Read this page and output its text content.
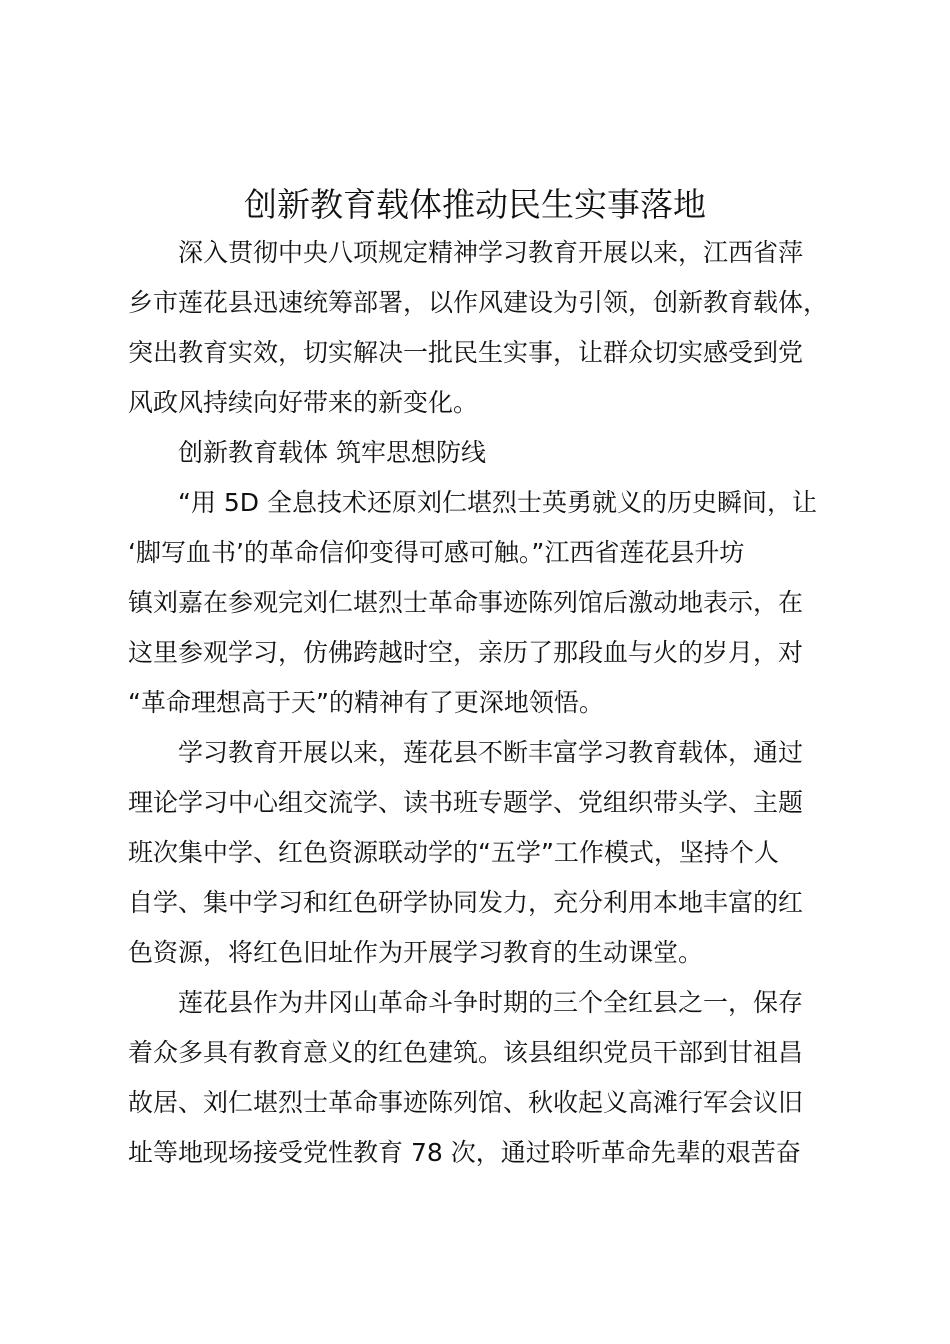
创新教育载体推动民生实事落地
深入贯彻中央八项规定精神学习教育开展以来，江西省萍
乡市莲花县迅速统筹部署，以作风建设为引领，创新教育载体，
突出教育实效，切实解决一批民生实事，让群众切实感受到党
风政风持续向好带来的新变化。
创新教育载体 筑牢思想防线
“用 5D 全息技术还原刘仁堪烈士英勇就义的历史瞬间，让
‘脚写血书’的革命信仰变得可感可触。”江西省莲花县升坊
镇刘嘉在参观完刘仁堪烈士革命事迹陈列馆后激动地表示，在
这里参观学习，仿佛跨越时空，亲历了那段血与火的岁月，对
“革命理想高于天”的精神有了更深地领悟。
学习教育开展以来，莲花县不断丰富学习教育载体，通过
理论学习中心组交流学、读书班专题学、党组织带头学、主题
班次集中学、红色资源联动学的“五学”工作模式，坚持个人
自学、集中学习和红色研学协同发力，充分利用本地丰富的红
色资源，将红色旧址作为开展学习教育的生动课堂。
莲花县作为井冈山革命斗争时期的三个全红县之一，保存
着众多具有教育意义的红色建筑。该县组织党员干部到甘祖昌
故居、刘仁堪烈士革命事迹陈列馆、秋收起义高滩行军会议旧
址等地现场接受党性教育 78 次，通过聆听革命先辈的艰苦奋
